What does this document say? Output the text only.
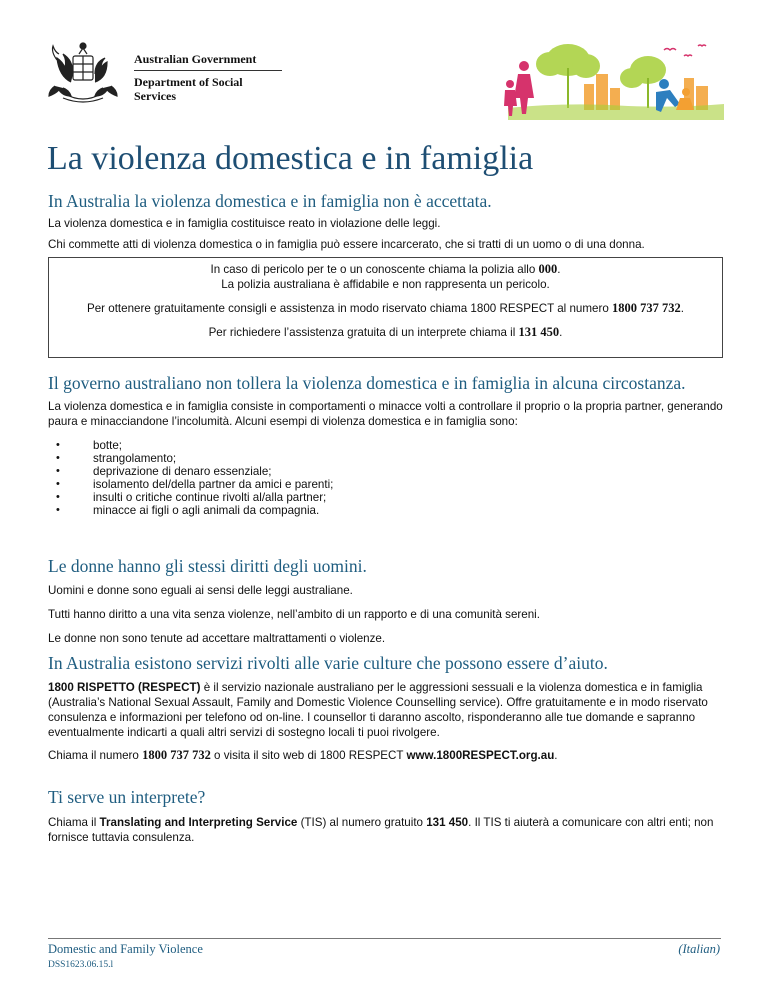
Australian Government
Department of Social Services
La violenza domestica e in famiglia
In Australia la violenza domestica e in famiglia non è accettata.

La violenza domestica e in famiglia costituisce reato in violazione delle leggi.

Chi commette atti di violenza domestica o in famiglia può essere incarcerato, che si tratti di un uomo o di una donna.

In caso di pericolo per te o un conoscente chiama la polizia allo 000.

La polizia australiana è affidabile e non rappresenta un pericolo.

Per ottenere gratuitamente consigli e assistenza in modo riservato chiama 1800 RESPECT al numero 1800 737 732.

Per richiedere l’assistenza gratuita di un interprete chiama il 131 450.

Il governo australiano non tollera la violenza domestica e in famiglia in alcuna circostanza.

La violenza domestica e in famiglia consiste in comportamenti o minacce volti a controllare il proprio o la propria partner, generando paura e minacciandone l’incolumità. Alcuni esempi di violenza domestica e in famiglia sono:

• botte;
• strangolamento;
• deprivazione di denaro essenziale;
• isolamento del/della partner da amici e parenti;
• insulti o critiche continue rivolti al/alla partner;
• minacce ai figli o agli animali da compagnia.
Le donne hanno gli stessi diritti degli uomini.

Uomini e donne sono eguali ai sensi delle leggi australiane.

Tutti hanno diritto a una vita senza violenze, nell’ambito di un rapporto e di una comunità sereni.

Le donne non sono tenute ad accettare maltrattamenti o violenze.

In Australia esistono servizi rivolti alle varie culture che possono essere d’aiuto.

1800 RISPETTO (RESPECT) è il servizio nazionale australiano per le aggressioni sessuali e la violenza domestica e in famiglia (Australia’s National Sexual Assault, Family and Domestic Violence Counselling service). Offre gratuitamente e in modo riservato consulenza e informazioni per telefono od on-line. I counsellor ti daranno ascolto, risponderanno alle tue domande e sapranno eventualmente indicarti a quali altri servizi di sostegno locali ti puoi rivolgere.

Chiama il numero 1800 737 732 o visita il sito web di 1800 RESPECT www.1800RESPECT.org.au.

Ti serve un interprete?

Chiama il Translating and Interpreting Service (TIS) al numero gratuito 131 450. Il TIS ti aiuterà a comunicare con altri enti; non fornisce tuttavia consulenza.

Domestic and Family Violence
DSS1623.06.15.l
(Italian)
